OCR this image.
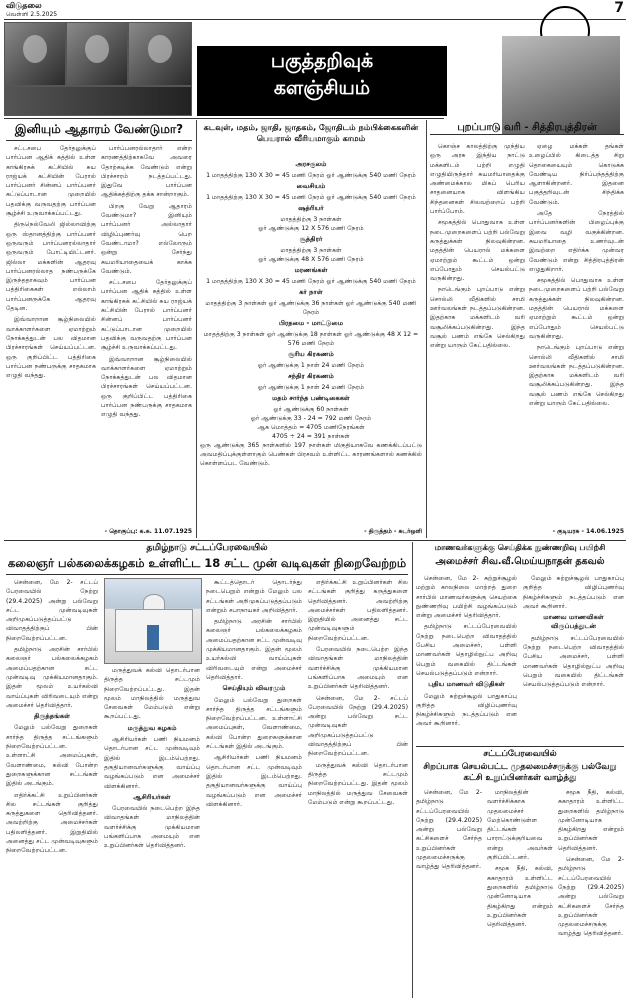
விடுதலை
வெள்ளி 2.5.2025	7
பகுத்தறிவுக்
களஞ்சியம்
இனியும் ஆதாரம் வேண்டுமா?

சட்டசபை தேர்தலுக்குப் பார்ப்பன ஆதிக் கத்தில் உள்ள காங்கிரசுக் கட்சியில் சுய ராஜ்யக் கட்சியின் பேரால் பார்ப்பனர் சின்னப் பார்ப்பனர் கட்டுப்பாடான முறையில் பதவிக்கு வருவதற்கு பார்ப்பன சூழ்ச்சி உருவாக்கப்பட்டது.

திருநெல்வேலி ஜில்லாவிற்கு ஒரு ஸ்தானத்திற்கு பார்ப்பனர் ஒருவரும் பார்ப்பனரல்லாதார் ஒருவரும் போட்டியிட்டனர். ஜில்லா மக்களின் ஆதரவு பார்ப்பனரல்லாத நண்பருக்கே இருந்ததாகவும் பார்ப்பன பத்திரிகைகள் எல்லாம் பார்ப்பனருக்கே ஆதரவு தேடின.

இவ்வாறான சூழ்நிலையில் வாக்காளர்களை ஏமாற்றும் நோக்கத்துடன் பல விதமான பிரச்சாரங்கள் செய்யப்பட்டன. ஒரு குறிப்பிட்ட பத்திரிகை பார்ப்பன நண்பருக்கு சாதகமாக எழுதி வந்தது.

பார்ப்பனரல்லாதார் என்ற காரணத்திற்காகவே அவரை தோற்கடிக்க வேண்டும் என்று பிரச்சாரம் நடத்தப்பட்டது. இதுவே பார்ப்பன ஆதிக்கத்திற்கு தக்க சான்றாகும்.

பிறகு வேறு ஆதாரம் வேண்டுமா? இனியும் பார்ப்பனர் அல்லாதார் விழிப்புணர்வு பெற வேண்டாமா? எல்லோரும் ஒன்று சேர்ந்து சுயமரியாதையைக் காக்க வேண்டும்.

சட்டசபை தேர்தலுக்குப் பார்ப்பன ஆதிக் கத்தில் உள்ள காங்கிரசுக் கட்சியில் சுய ராஜ்யக் கட்சியின் பேரால் பார்ப்பனர் சின்னப் பார்ப்பனர் கட்டுப்பாடான முறையில் பதவிக்கு வருவதற்கு பார்ப்பன சூழ்ச்சி உருவாக்கப்பட்டது.

இவ்வாறான சூழ்நிலையில் வாக்காளர்களை ஏமாற்றும் நோக்கத்துடன் பல விதமான பிரச்சாரங்கள் செய்யப்பட்டன. ஒரு குறிப்பிட்ட பத்திரிகை பார்ப்பன நண்பருக்கு சாதகமாக எழுதி வந்தது.

- தொகுப்பு: க.சு. 11.07.1925
கடவுள், மதம், ஜாதி, ஜாதகம், ஜோதிடம் நம்பிக்கைகளின் பெயரால் வீரியமாகும் காமம்
அரசகுலம்
1 மாதத்திற்கு 130 X 30 = 45 மணி நேரம் ஓர் ஆண்டுக்கு 540 மணி நேரம்
வைசியம்
1 மாதத்திற்கு 130 X 30 = 45 மணி நேரம் ஓர் ஆண்டுக்கு 540 மணி நேரம்
ஷத்ரியர்
மாதத்திற்கு 3 நாள்கள்
ஓர் ஆண்டுக்கு 12 X 576 மணி நேரம்
சூத்திரர்
மாதத்திற்கு 3 நாள்கள்
ஓர் ஆண்டுக்கு 48 X 576 மணி நேரம்
மரணங்கள்
1 மாதத்திற்கு 130 X 30 = 45 மணி நேரம் ஓர் ஆண்டுக்கு 540 மணி நேரம்
கர் நாள்
மாதத்திற்கு 3 நாள்கள் ஓர் ஆண்டுக்கு 36 நாள்கள் ஓர் ஆண்டுக்கு 540 மணி நேரம்
பிரதமை - மாட்டுமை
மாதத்திற்கு 3 நாள்கள் ஓர் ஆண்டுக்கு 18 நாள்கள் ஓர் ஆண்டுக்கு 48 X 12 = 576 மணி நேரம்
சூரிய கிரகணம்
ஓர் ஆண்டுக்கு 1 நாள் 24 மணி நேரம்
சந்திர கிரகணம்
ஓர் ஆண்டுக்கு 1 நாள் 24 மணி நேரம்
மதம் சார்ந்த பண்டிகைகள்
ஓர் ஆண்டுக்கு 60 நாள்கள்
ஓர் ஆண்டுக்கு 33 - 24 = 792 மணி நேரம்
ஆக மொத்தம் = 4705 மணிநேரங்கள்
4705 ÷ 24 = 391 நாள்கள்
ஒரு ஆண்டுக்கு 365 நாள்களில் 197 நாள்கள் மிகுதியாகவே கணக்கிடப்பட்டு அவமதிப்புக்குள்ளாகும் பெண்கள் பிரசவம் உள்ளிட்ட காரணங்களால் கணக்கில் கொள்ளப்பட வேண்டும்.
- திருத்தம் - சுடர்ஒளி
புறப்பாடு வரி - சித்திரபுத்திரன்

கொஞ்ச காலத்திற்கு முந்திய ஒரு அரசு இந்திய நாட்டு மக்களிடம் பற்றி எழுதி எழுதியிருந்தார் சுயமரியாதைக்கு அண்மைக்கால மிகப் பெரிய சாதனையாக விளங்கிய சிந்தனைகள் சிலவற்றைப் பற்றி பார்ப்போம்.

சமூகத்தில் பொதுவாக உள்ள நடைமுறைகளைப் பற்றி பல்வேறு கருத்துக்கள் நிலவுகின்றன. மதத்தின் பெயரால் மக்களை ஏமாற்றும் கூட்டம் ஒன்று எப்போதும் செயல்பட்டு வருகின்றது.

நாடெங்கும் புறப்பாடு என்று சொல்லி வீதிகளில் சாமி ஊர்வலங்கள் நடத்தப்படுகின்றன. இதற்காக மக்களிடம் வரி வசூலிக்கப்படுகின்றது. இந்த வசூல் பணம் எங்கே செல்கிறது என்று யாரும் கேட்பதில்லை.

ஏழை மக்கள் தங்கள் உழைப்பில் கிடைத்த சிறு தொகையையும் கொடுக்க வேண்டிய நிர்ப்பந்தத்திற்கு ஆளாகின்றனர். இதனை பகுத்தறிவுடன் சிந்திக்க வேண்டும்.

அதே நேரத்தில் பார்ப்பனர்களின் பிழைப்புக்கு இவை வழி வகுக்கின்றன. சுயமரியாதை உணர்வுடன் இவற்றை எதிர்க்க முன்வர வேண்டும் என்று சித்திரபுத்திரன் எழுதுகிறார்.

சமூகத்தில் பொதுவாக உள்ள நடைமுறைகளைப் பற்றி பல்வேறு கருத்துக்கள் நிலவுகின்றன. மதத்தின் பெயரால் மக்களை ஏமாற்றும் கூட்டம் ஒன்று எப்போதும் செயல்பட்டு வருகின்றது.

நாடெங்கும் புறப்பாடு என்று சொல்லி வீதிகளில் சாமி ஊர்வலங்கள் நடத்தப்படுகின்றன. இதற்காக மக்களிடம் வரி வசூலிக்கப்படுகின்றது. இந்த வசூல் பணம் எங்கே செல்கிறது என்று யாரும் கேட்பதில்லை.

- குடியரசு - 14.06.1925
தமிழ்நாடு சட்டப்பேரவையில்
கலைஞர் பல்கலைக்கழகம் உள்ளிட்ட 18 சட்ட முன் வடிவுகள் நிறைவேற்றம்

சென்னை, மே 2- சட்டப் பேரவையில் நேற்று (29.4.2025) அன்று பல்வேறு சட்ட முன்வடிவுகள் அறிமுகப்படுத்தப்பட்டு விவாதத்திற்குப் பின் நிறைவேற்றப்பட்டன.

தமிழ்நாடு அரசின் சார்பில் கலைஞர் பல்கலைக்கழகம் அமைப்பதற்கான சட்ட முன்வடிவு முக்கியமானதாகும். இதன் மூலம் உயர்கல்வி வாய்ப்புகள் விரிவடையும் என்று அமைச்சர் தெரிவித்தார்.

திருத்தங்கள்

மேலும் பல்வேறு துறைகள் சார்ந்த திருத்த சட்டங்களும் நிறைவேற்றப்பட்டன. உள்ளாட்சி அமைப்புகள், வேளாண்மை, கல்வி போன்ற துறைகளுக்கான சட்டங்கள் இதில் அடங்கும்.

எதிர்க்கட்சி உறுப்பினர்கள் சில சட்டங்கள் குறித்து கருத்துகளை தெரிவித்தனர். அவற்றிற்கு அமைச்சர்கள் பதிலளித்தனர். இறுதியில் அனைத்து சட்ட முன்வடிவுகளும் நிறைவேற்றப்பட்டன.

மருத்துவக் கல்வி தொடர்பான திருத்த சட்டமும் நிறைவேற்றப்பட்டது. இதன் மூலம் மாநிலத்தில் மருத்துவ சேவைகள் மேம்படும் என்று கூறப்பட்டது.

மருத்துவ கழகம்

ஆசிரியர்கள் பணி நியமனம் தொடர்பான சட்ட முன்வடிவும் இதில் இடம்பெற்றது. தகுதியானவர்களுக்கு வாய்ப்பு வழங்கப்படும் என அமைச்சர் விளக்கினார்.

ஆசிரியர்கள்

பேரவையில் நடைபெற்ற இந்த விவாதங்கள் மாநிலத்தின் வளர்ச்சிக்கு முக்கியமான பங்களிப்பாக அமையும் என உறுப்பினர்கள் தெரிவித்தனர்.

கூட்டத்தொடர் தொடர்ந்து நடைபெறும் என்றும் மேலும் பல சட்டங்கள் அறிமுகப்படுத்தப்படும் என்றும் சபாநாயகர் அறிவித்தார்.

தமிழ்நாடு அரசின் சார்பில் கலைஞர் பல்கலைக்கழகம் அமைப்பதற்கான சட்ட முன்வடிவு முக்கியமானதாகும். இதன் மூலம் உயர்கல்வி வாய்ப்புகள் விரிவடையும் என்று அமைச்சர் தெரிவித்தார்.

செய்தியும் விவரமும்

மேலும் பல்வேறு துறைகள் சார்ந்த திருத்த சட்டங்களும் நிறைவேற்றப்பட்டன. உள்ளாட்சி அமைப்புகள், வேளாண்மை, கல்வி போன்ற துறைகளுக்கான சட்டங்கள் இதில் அடங்கும்.

ஆசிரியர்கள் பணி நியமனம் தொடர்பான சட்ட முன்வடிவும் இதில் இடம்பெற்றது. தகுதியானவர்களுக்கு வாய்ப்பு வழங்கப்படும் என அமைச்சர் விளக்கினார்.

எதிர்க்கட்சி உறுப்பினர்கள் சில சட்டங்கள் குறித்து கருத்துகளை தெரிவித்தனர். அவற்றிற்கு அமைச்சர்கள் பதிலளித்தனர். இறுதியில் அனைத்து சட்ட முன்வடிவுகளும் நிறைவேற்றப்பட்டன.

பேரவையில் நடைபெற்ற இந்த விவாதங்கள் மாநிலத்தின் வளர்ச்சிக்கு முக்கியமான பங்களிப்பாக அமையும் என உறுப்பினர்கள் தெரிவித்தனர்.

சென்னை, மே 2- சட்டப் பேரவையில் நேற்று (29.4.2025) அன்று பல்வேறு சட்ட முன்வடிவுகள் அறிமுகப்படுத்தப்பட்டு விவாதத்திற்குப் பின் நிறைவேற்றப்பட்டன.

மருத்துவக் கல்வி தொடர்பான திருத்த சட்டமும் நிறைவேற்றப்பட்டது. இதன் மூலம் மாநிலத்தில் மருத்துவ சேவைகள் மேம்படும் என்று கூறப்பட்டது.

மாணவர்களுக்கு செய்திக்க நுண்ணறிவு பயிற்சி
அமைச்சர் சிவ.வீ.மெய்யநாதன் தகவல்

சென்னை, மே 2- சுற்றுச்சூழல் மற்றும் காலநிலை மாற்றத் துறை சார்பில் மாணவர்களுக்கு செயற்கை நுண்ணறிவு பயிற்சி வழங்கப்படும் என்று அமைச்சர் தெரிவித்தார்.

தமிழ்நாடு சட்டப்பேரவையில் நேற்று நடைபெற்ற விவாதத்தில் பேசிய அமைச்சர், பள்ளி மாணவர்கள் தொழில்நுட்ப அறிவு பெறும் வகையில் திட்டங்கள் செயல்படுத்தப்படும் என்றார்.

புதிய மாணவர் விடுதிகள்

மேலும் சுற்றுச்சூழல் பாதுகாப்பு குறித்த விழிப்புணர்வு நிகழ்ச்சிகளும் நடத்தப்படும் என அவர் கூறினார்.

மேலும் சுற்றுச்சூழல் பாதுகாப்பு குறித்த விழிப்புணர்வு நிகழ்ச்சிகளும் நடத்தப்படும் என அவர் கூறினார்.

மாணவ மாணவிகள் விருப்பத்துடன்

தமிழ்நாடு சட்டப்பேரவையில் நேற்று நடைபெற்ற விவாதத்தில் பேசிய அமைச்சர், பள்ளி மாணவர்கள் தொழில்நுட்ப அறிவு பெறும் வகையில் திட்டங்கள் செயல்படுத்தப்படும் என்றார்.

சட்டப்பேரவையில்
சிறப்பாக செயல்பட்ட முதலமைச்சருக்கு பல்வேறு கட்சி உறுப்பினர்கள் வாழ்த்து

சென்னை, மே 2- தமிழ்நாடு சட்டப்பேரவையில் நேற்று (29.4.2025) அன்று பல்வேறு கட்சிகளைச் சேர்ந்த உறுப்பினர்கள் முதலமைச்சருக்கு வாழ்த்து தெரிவித்தனர்.

மாநிலத்தின் வளர்ச்சிக்காக முதலமைச்சர் மேற்கொண்டுள்ள திட்டங்கள் பாராட்டுக்குரியவை என்று அவர்கள் குறிப்பிட்டனர்.

சமூக நீதி, கல்வி, சுகாதாரம் உள்ளிட்ட துறைகளில் தமிழ்நாடு முன்னோடியாக திகழ்கிறது என்றும் உறுப்பினர்கள் தெரிவித்தனர்.

சமூக நீதி, கல்வி, சுகாதாரம் உள்ளிட்ட துறைகளில் தமிழ்நாடு முன்னோடியாக திகழ்கிறது என்றும் உறுப்பினர்கள் தெரிவித்தனர்.

சென்னை, மே 2- தமிழ்நாடு சட்டப்பேரவையில் நேற்று (29.4.2025) அன்று பல்வேறு கட்சிகளைச் சேர்ந்த உறுப்பினர்கள் முதலமைச்சருக்கு வாழ்த்து தெரிவித்தனர்.
